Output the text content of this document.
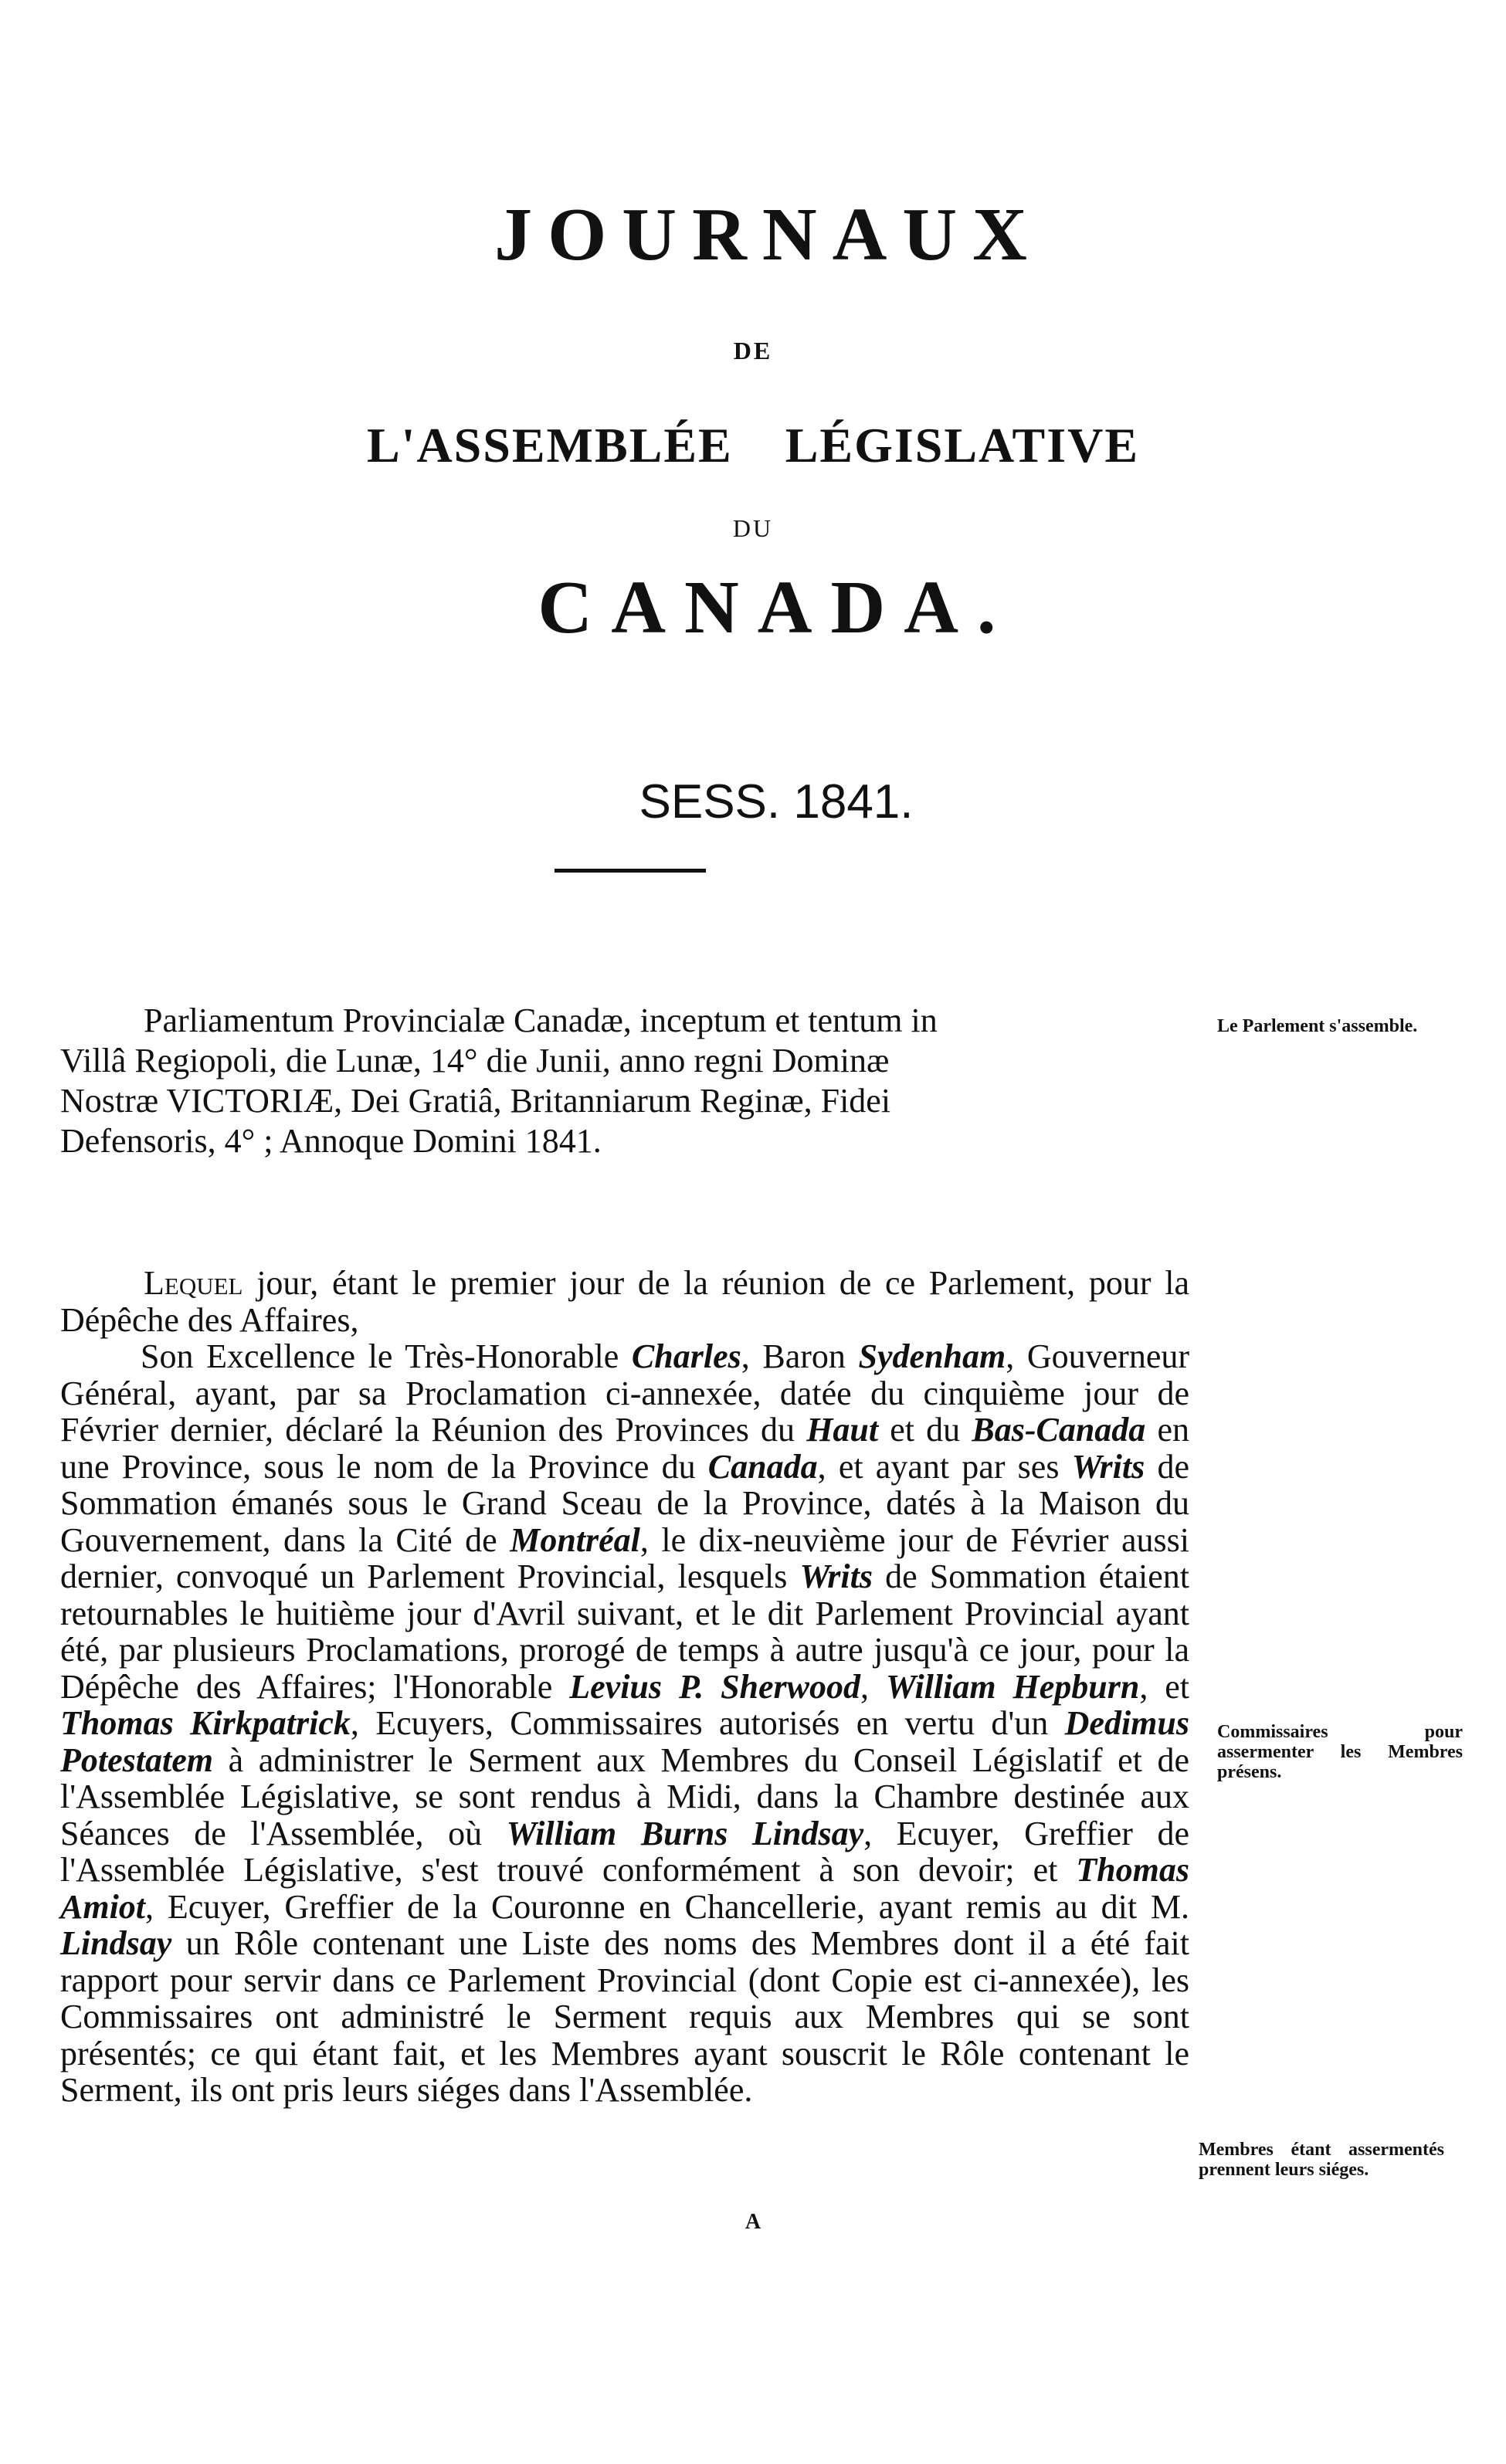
JOURNAUX
DE
L'ASSEMBLÉE LÉGISLATIVE
DU
CANADA.
SESS. 1841.
Parliamentum Provincialæ Canadæ, inceptum et tentum in
Villâ Regiopoli, die Lunæ, 14° die Junii, anno regni Dominæ
Nostræ VICTORIÆ, Dei Gratiâ, Britanniarum Reginæ, Fidei
Defensoris, 4° ; Annoque Domini 1841.

Lequel jour, étant le premier jour de la réunion de ce Parlement, pour la Dépêche des Affaires,

Son Excellence le Très-Honorable Charles, Baron Sydenham, Gouverneur Général, ayant, par sa Proclamation ci-annexée, datée du cinquième jour de Février dernier, déclaré la Réunion des Provinces du Haut et du Bas-Canada en une Province, sous le nom de la Province du Canada, et ayant par ses Writs de Sommation émanés sous le Grand Sceau de la Province, datés à la Maison du Gouvernement, dans la Cité de Montréal, le dix-neuvième jour de Février aussi dernier, convoqué un Parlement Provincial, lesquels Writs de Sommation étaient retournables le huitième jour d'Avril suivant, et le dit Parlement Provincial ayant été, par plusieurs Proclamations, prorogé de temps à autre jusqu'à ce jour, pour la Dépêche des Affaires; l'Honorable Levius P. Sherwood, William Hepburn, et Thomas Kirkpatrick, Ecuyers, Commissaires autorisés en vertu d'un Dedimus Potestatem à administrer le Serment aux Membres du Conseil Législatif et de l'Assemblée Législative, se sont rendus à Midi, dans la Chambre destinée aux Séances de l'Assemblée, où William Burns Lindsay, Ecuyer, Greffier de l'Assemblée Législative, s'est trouvé conformément à son devoir; et Thomas Amiot, Ecuyer, Greffier de la Couronne en Chancellerie, ayant remis au dit M. Lindsay un Rôle contenant une Liste des noms des Membres dont il a été fait rapport pour servir dans ce Parlement Provincial (dont Copie est ci-annexée), les Commissaires ont administré le Serment requis aux Membres qui se sont présentés; ce qui étant fait, et les Membres ayant souscrit le Rôle contenant le Serment, ils ont pris leurs siéges dans l'Assemblée.

Le Parlement s'assemble.
Commissaires pour assermenter les Membres présens.
Membres étant assermentés prennent leurs siéges.
A
